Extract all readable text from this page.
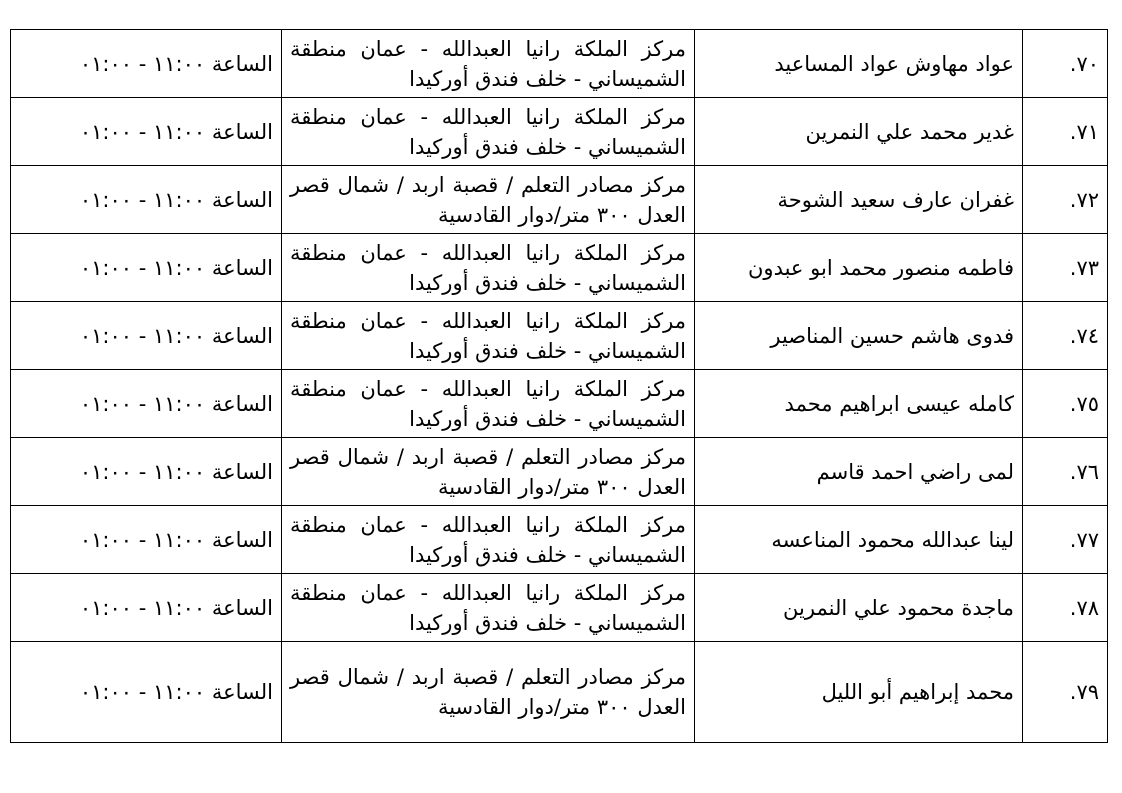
٧٠.	عواد مهاوش عواد المساعيد	مركز الملكة رانيا العبدالله - عمان منطقة الشميساني - خلف فندق أوركيدا	الساعة ١١:٠٠ - ٠١:٠٠
٧١.	غدير محمد علي النمرين	مركز الملكة رانيا العبدالله - عمان منطقة الشميساني - خلف فندق أوركيدا	الساعة ١١:٠٠ - ٠١:٠٠
٧٢.	غفران عارف سعيد الشوحة	مركز مصادر التعلم / قصبة اربد / شمال قصر العدل ٣٠٠ متر/دوار القادسية	الساعة ١١:٠٠ - ٠١:٠٠
٧٣.	فاطمه منصور محمد ابو عبدون	مركز الملكة رانيا العبدالله - عمان منطقة الشميساني - خلف فندق أوركيدا	الساعة ١١:٠٠ - ٠١:٠٠
٧٤.	فدوى هاشم حسين المناصير	مركز الملكة رانيا العبدالله - عمان منطقة الشميساني - خلف فندق أوركيدا	الساعة ١١:٠٠ - ٠١:٠٠
٧٥.	كامله عيسى ابراهيم محمد	مركز الملكة رانيا العبدالله - عمان منطقة الشميساني - خلف فندق أوركيدا	الساعة ١١:٠٠ - ٠١:٠٠
٧٦.	لمى راضي احمد قاسم	مركز مصادر التعلم / قصبة اربد / شمال قصر العدل ٣٠٠ متر/دوار القادسية	الساعة ١١:٠٠ - ٠١:٠٠
٧٧.	لينا عبدالله محمود المناعسه	مركز الملكة رانيا العبدالله - عمان منطقة الشميساني - خلف فندق أوركيدا	الساعة ١١:٠٠ - ٠١:٠٠
٧٨.	ماجدة محمود علي النمرين	مركز الملكة رانيا العبدالله - عمان منطقة الشميساني - خلف فندق أوركيدا	الساعة ١١:٠٠ - ٠١:٠٠
٧٩.	محمد إبراهيم أبو الليل	مركز مصادر التعلم / قصبة اربد / شمال قصر العدل ٣٠٠ متر/دوار القادسية	الساعة ١١:٠٠ - ٠١:٠٠
